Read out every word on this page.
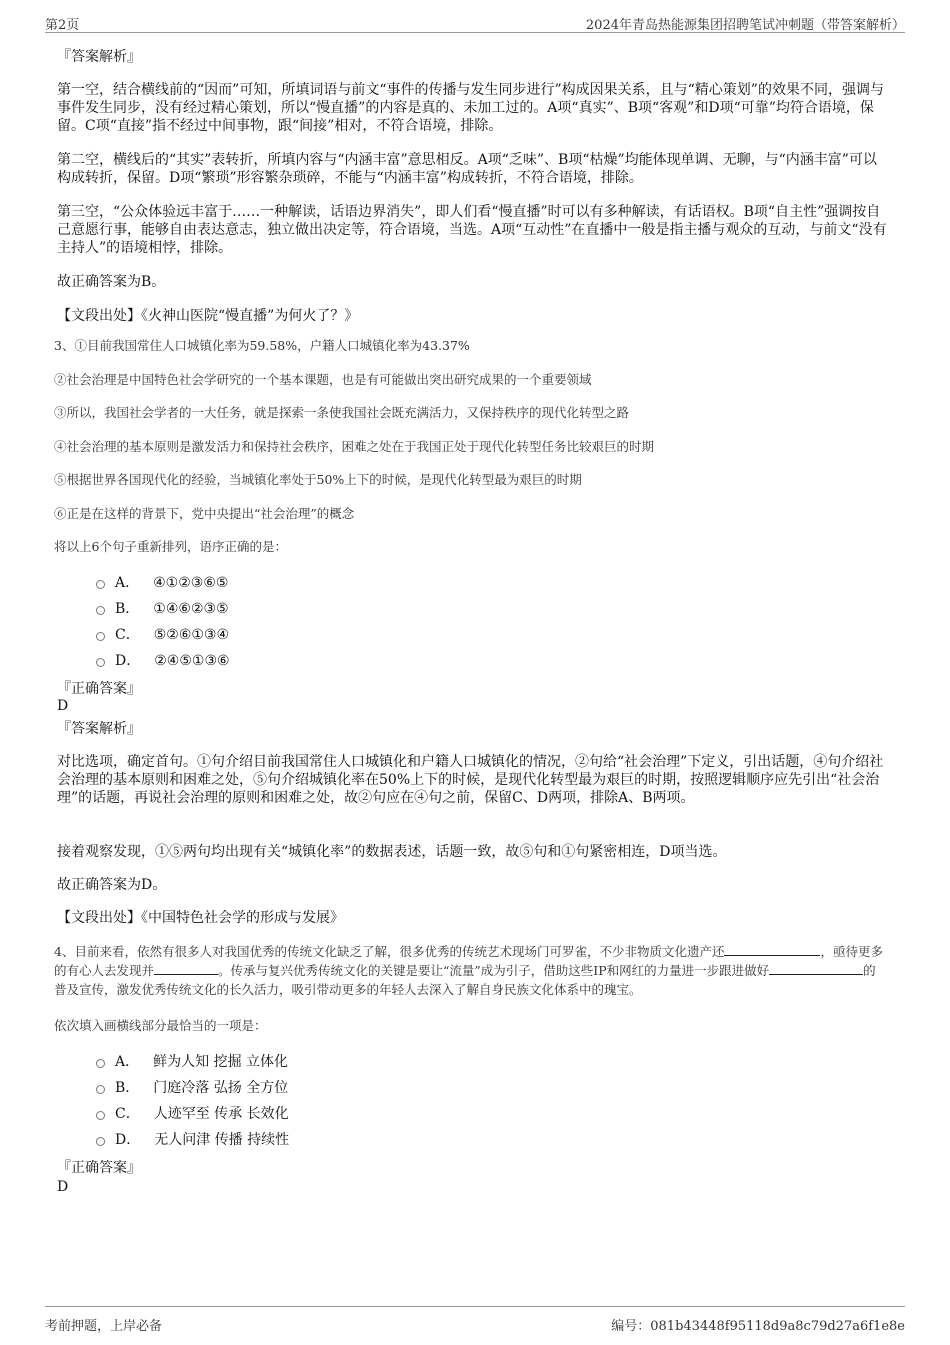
第2页	2024年青岛热能源集团招聘笔试冲刺题（带答案解析）
『答案解析』
第一空，结合横线前的“因而”可知，所填词语与前文“事件的传播与发生同步进行”构成因果关系，且与“精心策划”的效果不同，强调与事件发生同步，没有经过精心策划，所以“慢直播”的内容是真的、未加工过的。A项“真实”、B项“客观”和D项“可靠”均符合语境，保留。C项“直接”指不经过中间事物，跟“间接”相对，不符合语境，排除。
第二空，横线后的“其实”表转折，所填内容与“内涵丰富”意思相反。A项“乏味”、B项“枯燥”均能体现单调、无聊，与“内涵丰富”可以构成转折，保留。D项“繁琐”形容繁杂琐碎，不能与“内涵丰富”构成转折，不符合语境，排除。
第三空，“公众体验远丰富于……一种解读，话语边界消失”，即人们看“慢直播”时可以有多种解读，有话语权。B项“自主性”强调按自己意愿行事，能够自由表达意志，独立做出决定等，符合语境，当选。A项“互动性”在直播中一般是指主播与观众的互动，与前文“没有主持人”的语境相悖，排除。
故正确答案为B。
【文段出处】《火神山医院“慢直播”为何火了？》
3、①目前我国常住人口城镇化率为59.58%，户籍人口城镇化率为43.37%
②社会治理是中国特色社会学研究的一个基本课题，也是有可能做出突出研究成果的一个重要领域
③所以，我国社会学者的一大任务，就是探索一条使我国社会既充满活力，又保持秩序的现代化转型之路
④社会治理的基本原则是激发活力和保持社会秩序，困难之处在于我国正处于现代化转型任务比较艰巨的时期
⑤根据世界各国现代化的经验，当城镇化率处于50%上下的时候，是现代化转型最为艰巨的时期
⑥正是在这样的背景下，党中央提出“社会治理”的概念
将以上6个句子重新排列，语序正确的是：
A． ④①②③⑥⑤
B． ①④⑥②③⑤
C． ⑤②⑥①③④
D． ②④⑤①③⑥
『正确答案』
D
『答案解析』
对比选项，确定首句。①句介绍目前我国常住人口城镇化和户籍人口城镇化的情况，②句给“社会治理”下定义，引出话题，④句介绍社会治理的基本原则和困难之处，⑤句介绍城镇化率在50%上下的时候，是现代化转型最为艰巨的时期，按照逻辑顺序应先引出“社会治理”的话题，再说社会治理的原则和困难之处，故②句应在④句之前，保留C、D两项，排除A、B两项。
接着观察发现，①⑤两句均出现有关“城镇化率”的数据表述，话题一致，故⑤句和①句紧密相连，D项当选。
故正确答案为D。
【文段出处】《中国特色社会学的形成与发展》
4、目前来看，依然有很多人对我国优秀的传统文化缺乏了解，很多优秀的传统艺术现场门可罗雀，不少非物质文化遗产还	，亟待更多的有心人去发现并	。传承与复兴优秀传统文化的关键是要让“流量”成为引子，借助这些IP和网红的力量进一步跟进做好	的普及宣传，激发优秀传统文化的长久活力，吸引带动更多的年轻人去深入了解自身民族文化体系中的瑰宝。
依次填入画横线部分最恰当的一项是：
A． 鲜为人知 挖掘 立体化
B． 门庭冷落 弘扬 全方位
C． 人迹罕至 传承 长效化
D． 无人问津 传播 持续性
『正确答案』
D
考前押题，上岸必备	编号：081b43448f95118d9a8c79d27a6f1e8e
